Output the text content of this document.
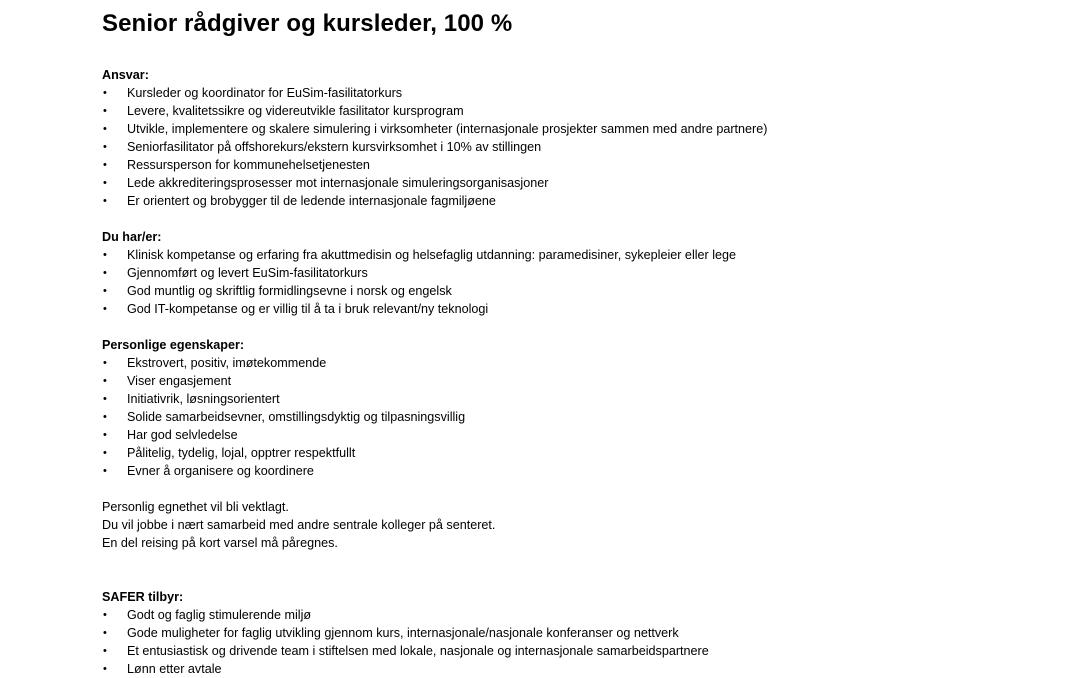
Senior rådgiver og kursleder, 100 %
Ansvar:
•	Kursleder og koordinator for EuSim-fasilitatorkurs
•	Levere, kvalitetssikre og videreutvikle fasilitator kursprogram
•	Utvikle, implementere og skalere simulering i virksomheter (internasjonale prosjekter sammen med andre partnere)
•	Seniorfasilitator på offshorekurs/ekstern kursvirksomhet i 10% av stillingen
•	Ressursperson for kommunehelsetjenesten
•	Lede akkrediteringsprosesser mot internasjonale simuleringsorganisasjoner
•	Er orientert og brobygger til de ledende internasjonale fagmiljøene
Du har/er:
•	Klinisk kompetanse og erfaring fra akuttmedisin og helsefaglig utdanning: paramedisiner, sykepleier eller lege
•	Gjennomført og levert EuSim-fasilitatorkurs
•	God muntlig og skriftlig formidlingsevne i norsk og engelsk
•	God IT-kompetanse og er villig til å ta i bruk relevant/ny teknologi
Personlige egenskaper:
•	Ekstrovert, positiv, imøtekommende
•	Viser engasjement
•	Initiativrik, løsningsorientert
•	Solide samarbeidsevner, omstillingsdyktig og tilpasningsvillig
•	Har god selvledelse
•	Pålitelig, tydelig, lojal, opptrer respektfullt
•	Evner å organisere og koordinere
Personlig egnethet vil bli vektlagt.
Du vil jobbe i nært samarbeid med andre sentrale kolleger på senteret.
En del reising på kort varsel må påregnes.
SAFER tilbyr:
•	Godt og faglig stimulerende miljø
•	Gode muligheter for faglig utvikling gjennom kurs, internasjonale/nasjonale konferanser og nettverk
•	Et entusiastisk og drivende team i stiftelsen med lokale, nasjonale og internasjonale samarbeidspartnere
•	Lønn etter avtale
